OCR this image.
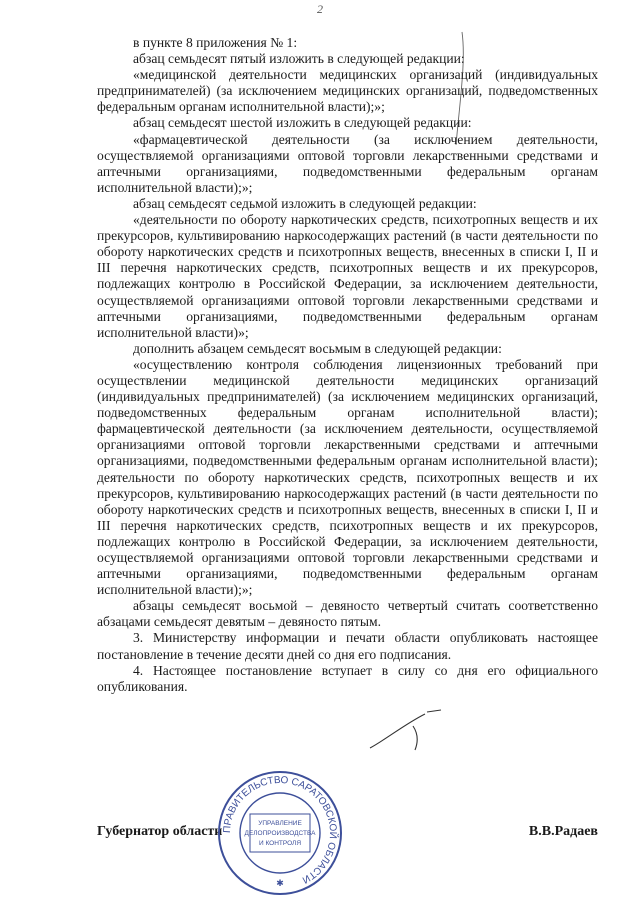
2

в пункте 8 приложения № 1:

абзац семьдесят пятый изложить в следующей редакции:

«медицинской деятельности медицинских организаций (индивидуальных предпринимателей) (за исключением медицинских организаций, подведомственных федеральным органам исполнительной власти);»;

абзац семьдесят шестой изложить в следующей редакции:

«фармацевтической деятельности (за исключением деятельности, осуществляемой организациями оптовой торговли лекарственными средствами и аптечными организациями, подведомственными федеральным органам исполнительной власти);»;

абзац семьдесят седьмой изложить в следующей редакции:

«деятельности по обороту наркотических средств, психотропных веществ и их прекурсоров, культивированию наркосодержащих растений (в части деятельности по обороту наркотических средств и психотропных веществ, внесенных в списки I, II и III перечня наркотических средств, психотропных веществ и их прекурсоров, подлежащих контролю в Российской Федерации, за исключением деятельности, осуществляемой организациями оптовой торговли лекарственными средствами и аптечными организациями, подведомственными федеральным органам исполнительной власти)»;

дополнить абзацем семьдесят восьмым в следующей редакции:

«осуществлению контроля соблюдения лицензионных требований при осуществлении медицинской деятельности медицинских организаций (индивидуальных предпринимателей) (за исключением медицинских организаций, подведомственных федеральным органам исполнительной власти); фармацевтической деятельности (за исключением деятельности, осуществляемой организациями оптовой торговли лекарственными средствами и аптечными организациями, подведомственными федеральным органам исполнительной власти); деятельности по обороту наркотических средств, психотропных веществ и их прекурсоров, культивированию наркосодержащих растений (в части деятельности по обороту наркотических средств и психотропных веществ, внесенных в списки I, II и III перечня наркотических средств, психотропных веществ и их прекурсоров, подлежащих контролю в Российской Федерации, за исключением деятельности, осуществляемой организациями оптовой торговли лекарственными средствами и аптечными организациями, подведомственными федеральным органам исполнительной власти);»;

абзацы семьдесят восьмой – девяносто четвертый считать соответственно абзацами семьдесят девятым – девяносто пятым.

3. Министерству информации и печати области опубликовать настоящее постановление в течение десяти дней со дня его подписания.

4. Настоящее постановление вступает в силу со дня его официального опубликования.

Губернатор области	В.В.Радаев
ПРАВИТЕЛЬСТВО САРАТОВСКОЙ ОБЛАСТИ
УПРАВЛЕНИЕ
ДЕЛОПРОИЗВОДСТВА
И КОНТРОЛЯ
✱
